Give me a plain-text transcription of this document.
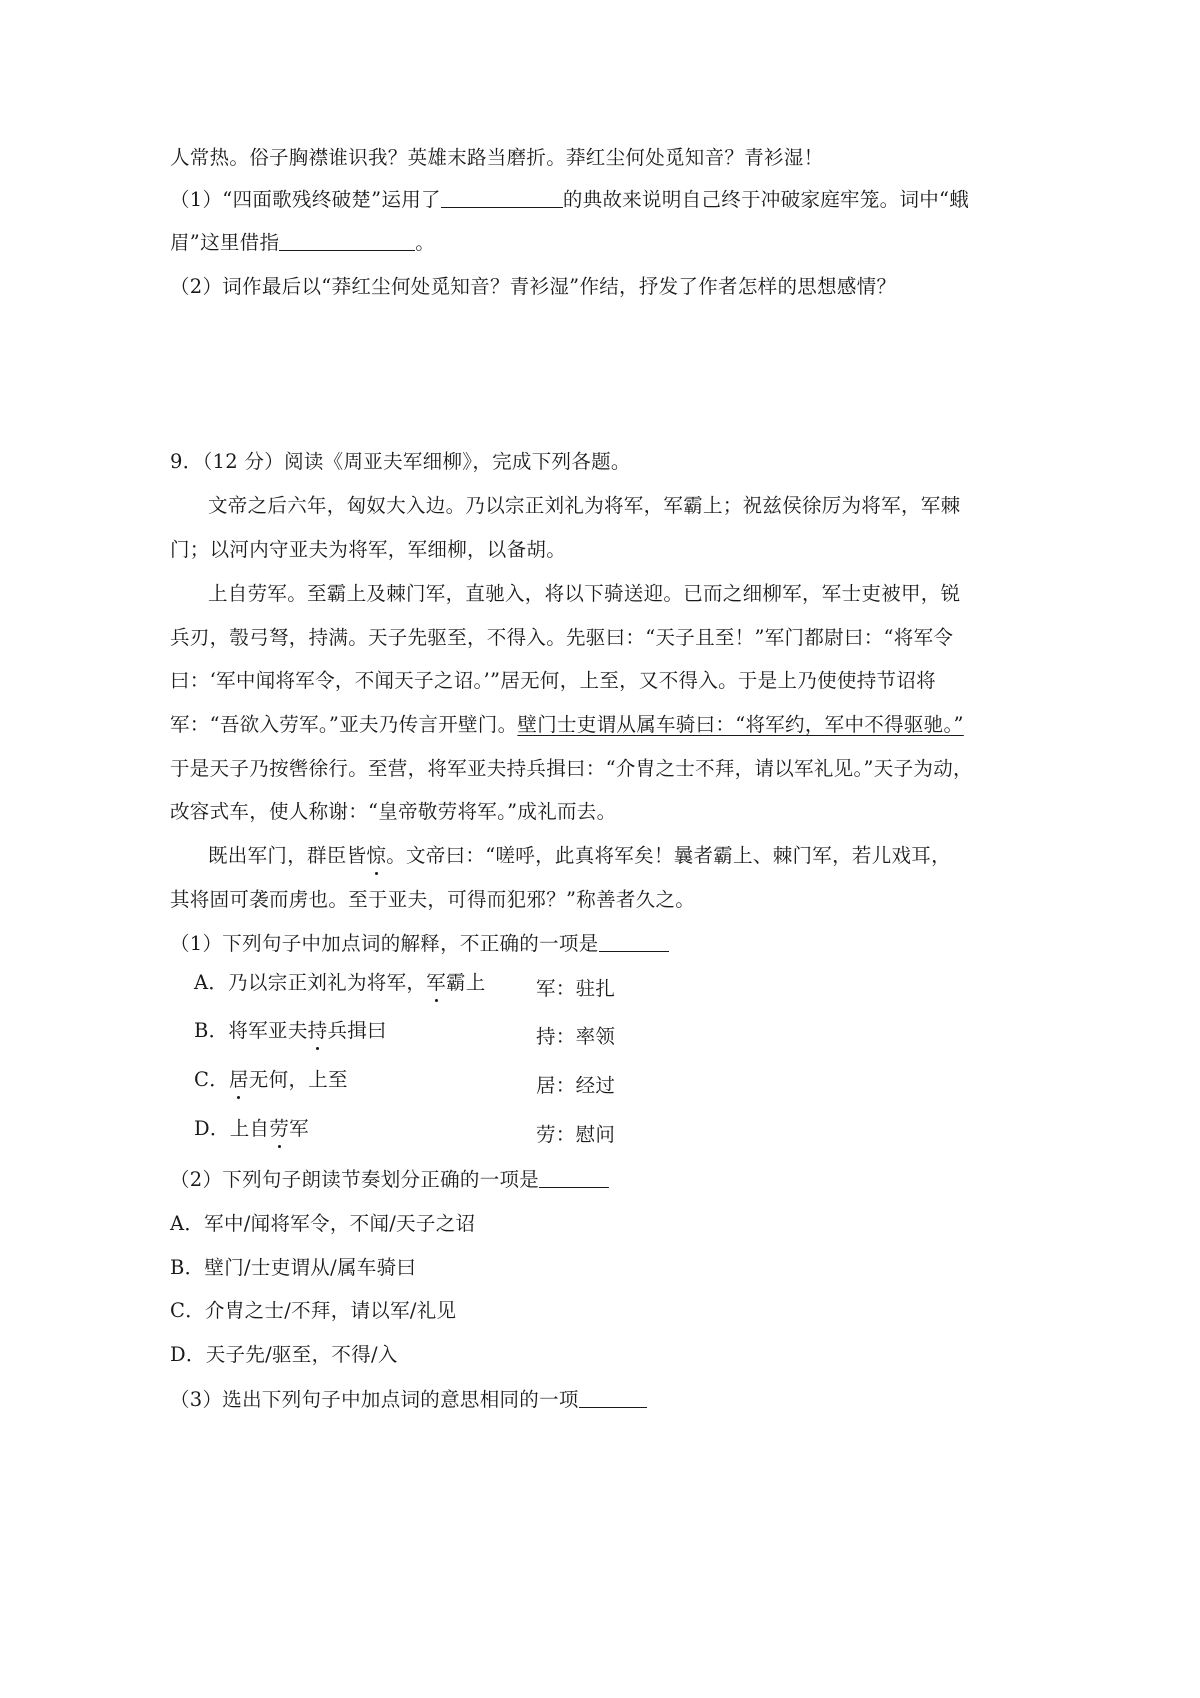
人常热。俗子胸襟谁识我？英雄末路当磨折。莽红尘何处觅知音？青衫湿！
（1）“四面歌残终破楚”运用了	的典故来说明自己终于冲破家庭牢笼。词中“蛾
眉”这里借指	。
（2）词作最后以“莽红尘何处觅知音？青衫湿”作结，抒发了作者怎样的思想感情？
9．（12 分）阅读《周亚夫军细柳》，完成下列各题。
文帝之后六年，匈奴大入边。乃以宗正刘礼为将军，军霸上；祝兹侯徐厉为将军，军棘
门；以河内守亚夫为将军，军细柳，以备胡。
上自劳军。至霸上及棘门军，直驰入，将以下骑送迎。已而之细柳军，军士吏被甲，锐
兵刃，彀弓弩，持满。天子先驱至，不得入。先驱曰：“天子且至！”军门都尉曰：“将军令
曰：‘军中闻将军令，不闻天子之诏。’”居无何，上至，又不得入。于是上乃使使持节诏将
军：“吾欲入劳军。”亚夫乃传言开壁门。壁门士吏谓从属车骑曰：“将军约，军中不得驱驰。”
于是天子乃按辔徐行。至营，将军亚夫持兵揖曰：“介胄之士不拜，请以军礼见。”天子为动，
改容式车，使人称谢：“皇帝敬劳将军。”成礼而去。
既出军门，群臣皆惊。文帝曰：“嗟呼，此真将军矣！曩者霸上、棘门军，若儿戏耳，
其将固可袭而虏也。至于亚夫，可得而犯邪？”称善者久之。
（1）下列句子中加点词的解释，不正确的一项是
A．乃以宗正刘礼为将军，军霸上	军：驻扎
B．将军亚夫持兵揖曰	持：率领
C．居无何，上至	居：经过
D．上自劳军	劳：慰问
（2）下列句子朗读节奏划分正确的一项是
A．军中/闻将军令，不闻/天子之诏
B．壁门/士吏谓从/属车骑曰
C．介胄之士/不拜，请以军/礼见
D．天子先/驱至，不得/入
（3）选出下列句子中加点词的意思相同的一项
